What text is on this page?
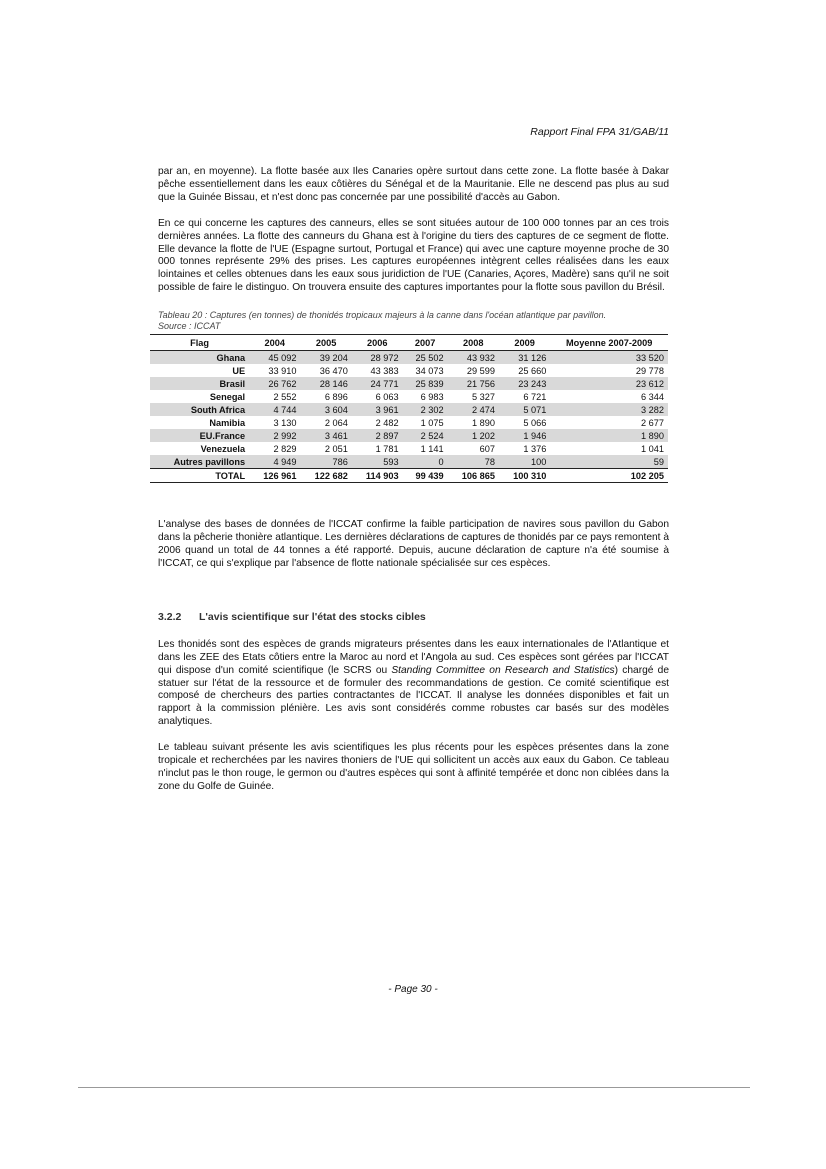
Rapport Final FPA 31/GAB/11

par an, en moyenne). La flotte basée aux Iles Canaries opère surtout dans cette zone. La flotte basée à Dakar pêche essentiellement dans les eaux côtières du Sénégal et de la Mauritanie. Elle ne descend pas plus au sud que la Guinée Bissau, et n'est donc pas concernée par une possibilité d'accès au Gabon.

En ce qui concerne les captures des canneurs, elles se sont situées autour de 100 000 tonnes par an ces trois dernières années. La flotte des canneurs du Ghana est à l'origine du tiers des captures de ce segment de flotte. Elle devance la flotte de l'UE (Espagne surtout, Portugal et France) qui avec une capture moyenne proche de 30 000 tonnes représente 29% des prises. Les captures européennes intègrent celles réalisées dans les eaux lointaines et celles obtenues dans les eaux sous juridiction de l'UE (Canaries, Açores, Madère) sans qu'il ne soit possible de faire le distinguo. On trouvera ensuite des captures importantes pour la flotte sous pavillon du Brésil.

Tableau 20 : Captures (en tonnes) de thonidés tropicaux majeurs à la canne dans l'océan atlantique par pavillon.
Source : ICCAT
Flag	2004	2005	2006	2007	2008	2009	Moyenne 2007-2009
Ghana	45 092	39 204	28 972	25 502	43 932	31 126	33 520
UE	33 910	36 470	43 383	34 073	29 599	25 660	29 778
Brasil	26 762	28 146	24 771	25 839	21 756	23 243	23 612
Senegal	2 552	6 896	6 063	6 983	5 327	6 721	6 344
South Africa	4 744	3 604	3 961	2 302	2 474	5 071	3 282
Namibia	3 130	2 064	2 482	1 075	1 890	5 066	2 677
EU.France	2 992	3 461	2 897	2 524	1 202	1 946	1 890
Venezuela	2 829	2 051	1 781	1 141	607	1 376	1 041
Autres pavillons	4 949	786	593	0	78	100	59
TOTAL	126 961	122 682	114 903	99 439	106 865	100 310	102 205

L'analyse des bases de données de l'ICCAT confirme la faible participation de navires sous pavillon du Gabon dans la pêcherie thonière atlantique. Les dernières déclarations de captures de thonidés par ce pays remontent à 2006 quand un total de 44 tonnes a été rapporté. Depuis, aucune déclaration de capture n'a été soumise à l'ICCAT, ce qui s'explique par l'absence de flotte nationale spécialisée sur ces espèces.

3.2.2 L'avis scientifique sur l'état des stocks cibles

Les thonidés sont des espèces de grands migrateurs présentes dans les eaux internationales de l'Atlantique et dans les ZEE des Etats côtiers entre la Maroc au nord et l'Angola au sud. Ces espèces sont gérées par l'ICCAT qui dispose d'un comité scientifique (le SCRS ou Standing Committee on Research and Statistics) chargé de statuer sur l'état de la ressource et de formuler des recommandations de gestion. Ce comité scientifique est composé de chercheurs des parties contractantes de l'ICCAT. Il analyse les données disponibles et fait un rapport à la commission plénière. Les avis sont considérés comme robustes car basés sur des modèles analytiques.

Le tableau suivant présente les avis scientifiques les plus récents pour les espèces présentes dans la zone tropicale et recherchées par les navires thoniers de l'UE qui sollicitent un accès aux eaux du Gabon. Ce tableau n'inclut pas le thon rouge, le germon ou d'autres espèces qui sont à affinité tempérée et donc non ciblées dans la zone du Golfe de Guinée.

- Page 30 -
